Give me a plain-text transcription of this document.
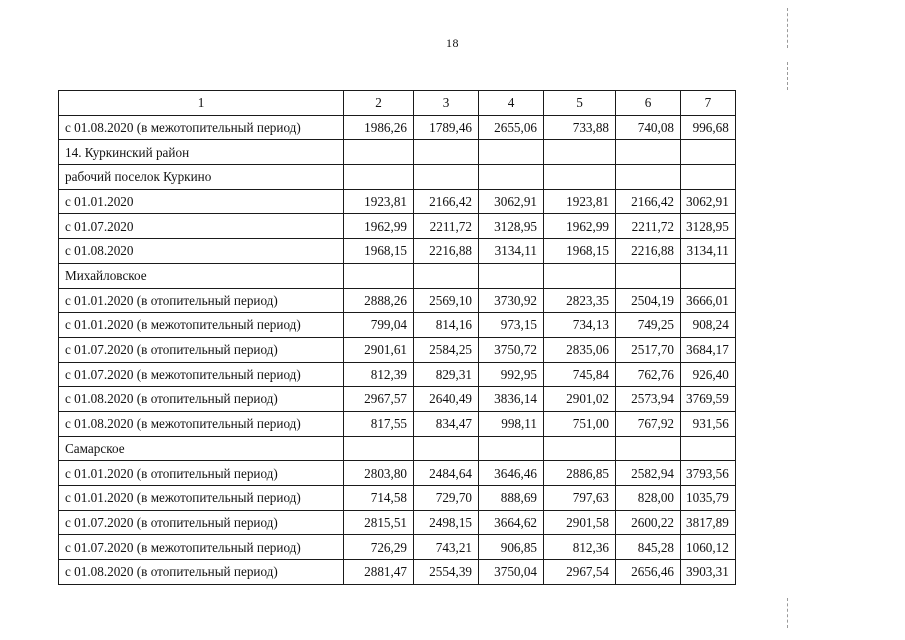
18
1	2	3	4	5	6	7
с 01.08.2020 (в межотопительный период)	1986,26	1789,46	2655,06	733,88	740,08	996,68
14. Куркинский район						
рабочий поселок Куркино						
с 01.01.2020	1923,81	2166,42	3062,91	1923,81	2166,42	3062,91
с 01.07.2020	1962,99	2211,72	3128,95	1962,99	2211,72	3128,95
с 01.08.2020	1968,15	2216,88	3134,11	1968,15	2216,88	3134,11
Михайловское						
с 01.01.2020 (в отопительный период)	2888,26	2569,10	3730,92	2823,35	2504,19	3666,01
с 01.01.2020 (в межотопительный период)	799,04	814,16	973,15	734,13	749,25	908,24
с 01.07.2020 (в отопительный период)	2901,61	2584,25	3750,72	2835,06	2517,70	3684,17
с 01.07.2020 (в межотопительный период)	812,39	829,31	992,95	745,84	762,76	926,40
с 01.08.2020 (в отопительный период)	2967,57	2640,49	3836,14	2901,02	2573,94	3769,59
с 01.08.2020 (в межотопительный период)	817,55	834,47	998,11	751,00	767,92	931,56
Самарское						
с 01.01.2020 (в отопительный период)	2803,80	2484,64	3646,46	2886,85	2582,94	3793,56
с 01.01.2020 (в межотопительный период)	714,58	729,70	888,69	797,63	828,00	1035,79
с 01.07.2020 (в отопительный период)	2815,51	2498,15	3664,62	2901,58	2600,22	3817,89
с 01.07.2020 (в межотопительный период)	726,29	743,21	906,85	812,36	845,28	1060,12
с 01.08.2020 (в отопительный период)	2881,47	2554,39	3750,04	2967,54	2656,46	3903,31
